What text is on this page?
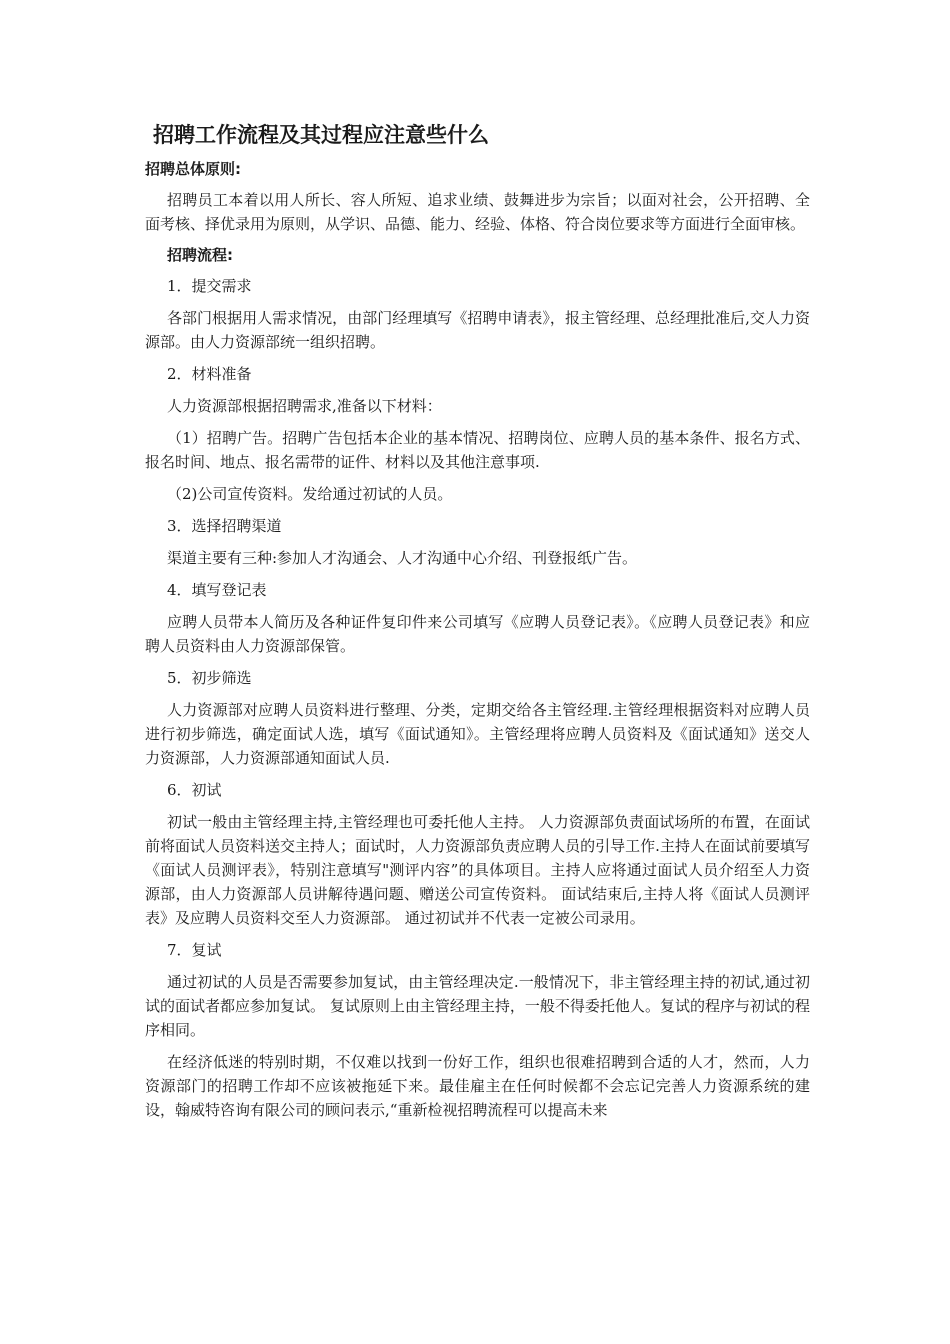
招聘工作流程及其过程应注意些什么
招聘总体原则:

招聘员工本着以用人所长、容人所短、追求业绩、鼓舞进步为宗旨；以面对社会，公开招聘、全面考核、择优录用为原则，从学识、品德、能力、经验、体格、符合岗位要求等方面进行全面审核。

招聘流程:
1．提交需求

各部门根据用人需求情况，由部门经理填写《招聘申请表》，报主管经理、总经理批准后,交人力资源部。由人力资源部统一组织招聘。

2．材料准备

人力资源部根据招聘需求,准备以下材料：

（1）招聘广告。招聘广告包括本企业的基本情况、招聘岗位、应聘人员的基本条件、报名方式、报名时间、地点、报名需带的证件、材料以及其他注意事项.

（2)公司宣传资料。发给通过初试的人员。

3．选择招聘渠道

渠道主要有三种:参加人才沟通会、人才沟通中心介绍、刊登报纸广告。

4．填写登记表

应聘人员带本人简历及各种证件复印件来公司填写《应聘人员登记表》。《应聘人员登记表》和应聘人员资料由人力资源部保管。

5．初步筛选

人力资源部对应聘人员资料进行整理、分类，定期交给各主管经理.主管经理根据资料对应聘人员进行初步筛选，确定面试人选，填写《面试通知》。主管经理将应聘人员资料及《面试通知》送交人力资源部，人力资源部通知面试人员.

6．初试

初试一般由主管经理主持,主管经理也可委托他人主持。 人力资源部负责面试场所的布置，在面试前将面试人员资料送交主持人；面试时，人力资源部负责应聘人员的引导工作.主持人在面试前要填写《面试人员测评表》，特别注意填写"测评内容”的具体项目。主持人应将通过面试人员介绍至人力资源部，由人力资源部人员讲解待遇问题、赠送公司宣传资料。 面试结束后,主持人将《面试人员测评表》及应聘人员资料交至人力资源部。 通过初试并不代表一定被公司录用。

7．复试

通过初试的人员是否需要参加复试，由主管经理决定.一般情况下，非主管经理主持的初试,通过初试的面试者都应参加复试。 复试原则上由主管经理主持，一般不得委托他人。复试的程序与初试的程序相同。

在经济低迷的特别时期，不仅难以找到一份好工作，组织也很难招聘到合适的人才，然而，人力资源部门的招聘工作却不应该被拖延下来。最佳雇主在任何时候都不会忘记完善人力资源系统的建设，翰威特咨询有限公司的顾问表示,“重新检视招聘流程可以提高未来
